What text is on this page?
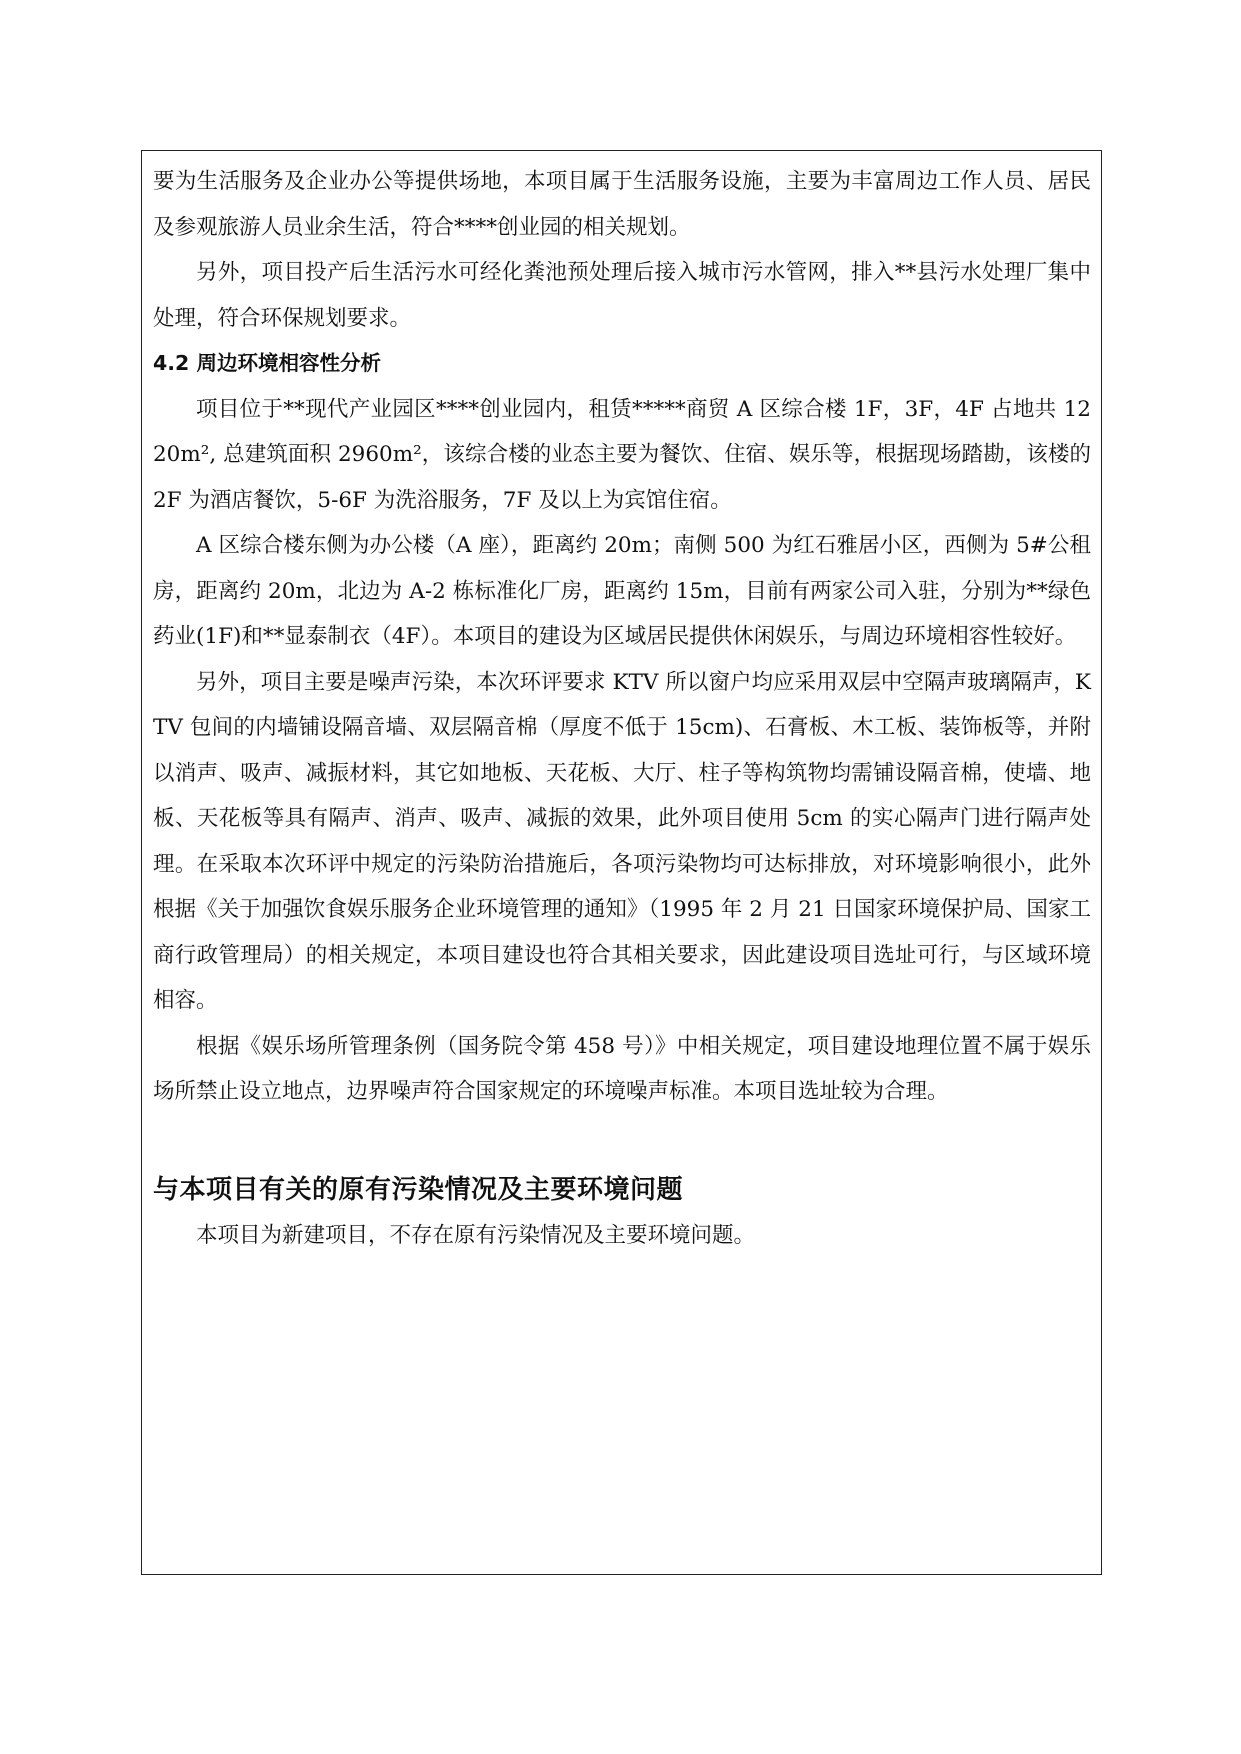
要为生活服务及企业办公等提供场地，本项目属于生活服务设施，主要为丰富周边工作人员、居民及参观旅游人员业余生活，符合****创业园的相关规划。

另外，项目投产后生活污水可经化粪池预处理后接入城市污水管网，排入**县污水处理厂集中处理，符合环保规划要求。

4.2 周边环境相容性分析

项目位于**现代产业园区****创业园内，租赁*****商贸 A 区综合楼 1F，3F，4F 占地共 1220m², 总建筑面积 2960m²，该综合楼的业态主要为餐饮、住宿、娱乐等，根据现场踏勘，该楼的 2F 为酒店餐饮，5-6F 为洗浴服务，7F 及以上为宾馆住宿。

A 区综合楼东侧为办公楼（A 座），距离约 20m；南侧 500 为红石雅居小区，西侧为 5#公租房，距离约 20m，北边为 A-2 栋标准化厂房，距离约 15m，目前有两家公司入驻，分别为**绿色药业(1F)和**显泰制衣（4F）。本项目的建设为区域居民提供休闲娱乐，与周边环境相容性较好。

另外，项目主要是噪声污染，本次环评要求 KTV 所以窗户均应采用双层中空隔声玻璃隔声，KTV 包间的内墙铺设隔音墙、双层隔音棉（厚度不低于 15cm)、石膏板、木工板、装饰板等，并附以消声、吸声、减振材料，其它如地板、天花板、大厅、柱子等构筑物均需铺设隔音棉，使墙、地板、天花板等具有隔声、消声、吸声、减振的效果，此外项目使用 5cm 的实心隔声门进行隔声处理。在采取本次环评中规定的污染防治措施后，各项污染物均可达标排放，对环境影响很小，此外根据《关于加强饮食娱乐服务企业环境管理的通知》（1995 年 2 月 21 日国家环境保护局、国家工商行政管理局）的相关规定，本项目建设也符合其相关要求，因此建设项目选址可行，与区域环境相容。

根据《娱乐场所管理条例（国务院令第 458 号）》中相关规定，项目建设地理位置不属于娱乐场所禁止设立地点，边界噪声符合国家规定的环境噪声标准。本项目选址较为合理。

与本项目有关的原有污染情况及主要环境问题

本项目为新建项目，不存在原有污染情况及主要环境问题。
